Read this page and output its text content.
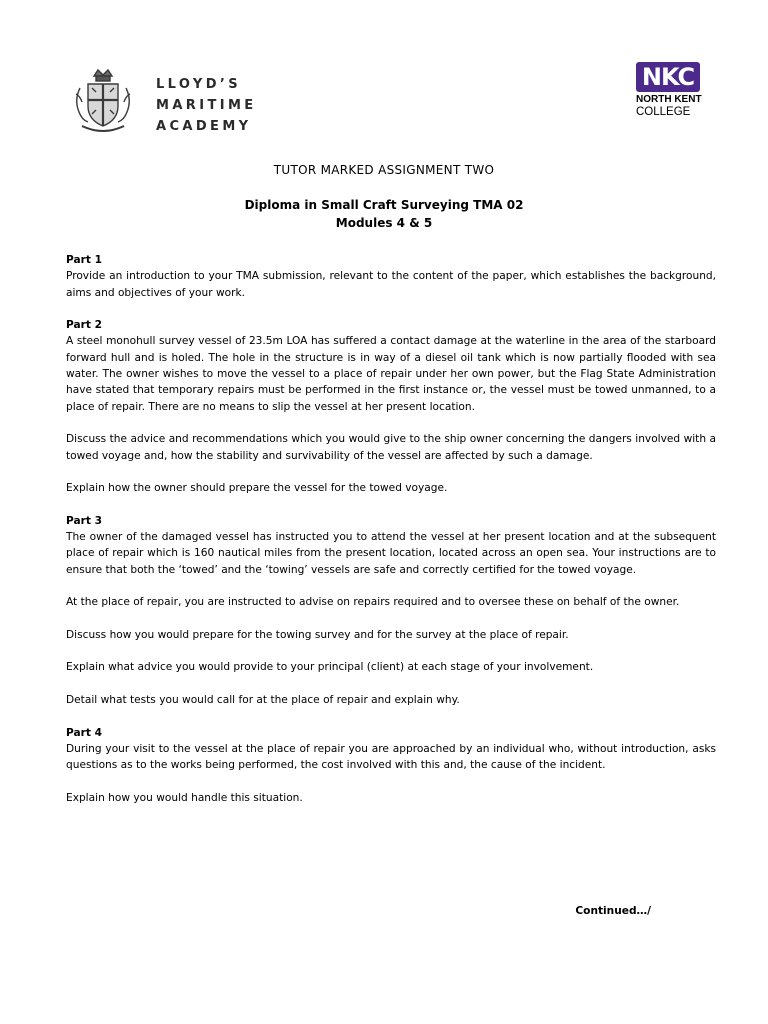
LLOYD’S
MARITIME
ACADEMY
NKC
NORTH KENT
COLLEGE
TUTOR MARKED ASSIGNMENT TWO
Diploma in Small Craft Surveying TMA 02
Modules 4 & 5

Part 1
Provide an introduction to your TMA submission, relevant to the content of the paper, which establishes the background, aims and objectives of your work.

Part 2
A steel monohull survey vessel of 23.5m LOA has suffered a contact damage at the waterline in the area of the starboard forward hull and is holed. The hole in the structure is in way of a diesel oil tank which is now partially flooded with sea water. The owner wishes to move the vessel to a place of repair under her own power, but the Flag State Administration have stated that temporary repairs must be performed in the first instance or, the vessel must be towed unmanned, to a place of repair. There are no means to slip the vessel at her present location.

Discuss the advice and recommendations which you would give to the ship owner concerning the dangers involved with a towed voyage and, how the stability and survivability of the vessel are affected by such a damage.

Explain how the owner should prepare the vessel for the towed voyage.

Part 3
The owner of the damaged vessel has instructed you to attend the vessel at her present location and at the subsequent place of repair which is 160 nautical miles from the present location, located across an open sea. Your instructions are to ensure that both the ‘towed’ and the ‘towing’ vessels are safe and correctly certified for the towed voyage.

At the place of repair, you are instructed to advise on repairs required and to oversee these on behalf of the owner.

Discuss how you would prepare for the towing survey and for the survey at the place of repair.

Explain what advice you would provide to your principal (client) at each stage of your involvement.

Detail what tests you would call for at the place of repair and explain why.

Part 4
During your visit to the vessel at the place of repair you are approached by an individual who, without introduction, asks questions as to the works being performed, the cost involved with this and, the cause of the incident.

Explain how you would handle this situation.

Continued…/
